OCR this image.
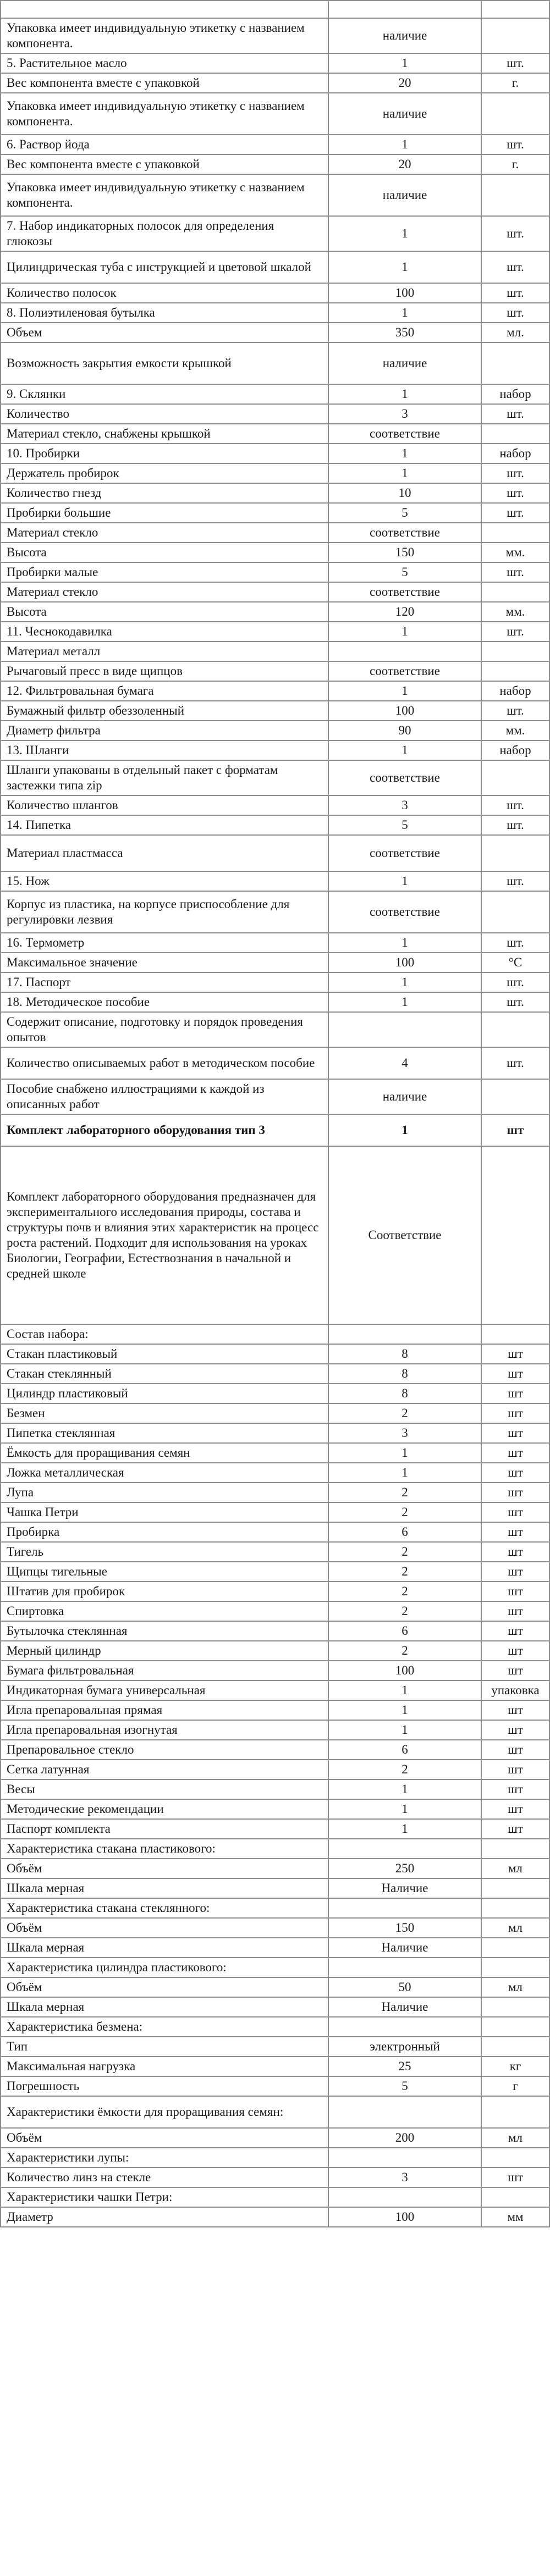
Упаковка имеет индивидуальную этикетку с названием компонента.	наличие	
5. Растительное масло	1	шт.
Вес компонента вместе с упаковкой	20	г.
Упаковка имеет индивидуальную этикетку с названием компонента.	наличие	
6. Раствор йода	1	шт.
Вес компонента вместе с упаковкой	20	г.
Упаковка имеет индивидуальную этикетку с названием компонента.	наличие	
7. Набор индикаторных полосок для определения глюкозы	1	шт.
Цилиндрическая туба с инструкцией и цветовой шкалой	1	шт.
Количество полосок	100	шт.
8. Полиэтиленовая бутылка	1	шт.
Объем	350	мл.
Возможность закрытия емкости крышкой	наличие	
9. Склянки	1	набор
Количество	3	шт.
Материал стекло, снабжены крышкой	соответствие	
10. Пробирки	1	набор
Держатель пробирок	1	шт.
Количество гнезд	10	шт.
Пробирки большие	5	шт.
Материал стекло	соответствие	
Высота	150	мм.
Пробирки малые	5	шт.
Материал стекло	соответствие	
Высота	120	мм.
11. Чеснокодавилка	1	шт.
Материал металл		
Рычаговый пресс в виде щипцов	соответствие	
12. Фильтровальная бумага	1	набор
Бумажный фильтр обеззоленный	100	шт.
Диаметр фильтра	90	мм.
13. Шланги	1	набор
Шланги упакованы в отдельный пакет с форматам застежки типа zip	соответствие	
Количество шлангов	3	шт.
14. Пипетка	5	шт.
Материал пластмасса	соответствие	
15. Нож	1	шт.
Корпус из пластика, на корпусе приспособление для регулировки лезвия	соответствие	
16. Термометр	1	шт.
Максимальное значение	100	°С
17. Паспорт	1	шт.
18. Методическое пособие	1	шт.
Содержит описание, подготовку и порядок проведения опытов		
Количество описываемых работ в методическом пособие	4	шт.
Пособие снабжено иллюстрациями к каждой из описанных работ	наличие	
Комплект лабораторного оборудования тип 3	1	шт
Комплект лабораторного оборудования предназначен для экспериментального исследования природы, состава и структуры почв и влияния этих характеристик на процесс роста растений. Подходит для использования на уроках Биологии, Географии, Естествознания в начальной и средней школе	Соответствие	
Состав набора:		
Стакан пластиковый	8	шт
Стакан стеклянный	8	шт
Цилиндр пластиковый	8	шт
Безмен	2	шт
Пипетка стеклянная	3	шт
Ёмкость для проращивания семян	1	шт
Ложка металлическая	1	шт
Лупа	2	шт
Чашка Петри	2	шт
Пробирка	6	шт
Тигель	2	шт
Щипцы тигельные	2	шт
Штатив для пробирок	2	шт
Спиртовка	2	шт
Бутылочка стеклянная	6	шт
Мерный цилиндр	2	шт
Бумага фильтровальная	100	шт
Индикаторная бумага универсальная	1	упаковка
Игла препаровальная прямая	1	шт
Игла препаровальная изогнутая	1	шт
Препаровальное стекло	6	шт
Сетка латунная	2	шт
Весы	1	шт
Методические рекомендации	1	шт
Паспорт комплекта	1	шт
Характеристика стакана пластикового:		
Объём	250	мл
Шкала мерная	Наличие	
Характеристика стакана стеклянного:		
Объём	150	мл
Шкала мерная	Наличие	
Характеристика цилиндра пластикового:		
Объём	50	мл
Шкала мерная	Наличие	
Характеристика безмена:		
Тип	электронный	
Максимальная нагрузка	25	кг
Погрешность	5	г
Характеристики ёмкости для проращивания семян:		
Объём	200	мл
Характеристики лупы:		
Количество линз на стекле	3	шт
Характеристики чашки Петри:		
Диаметр	100	мм
